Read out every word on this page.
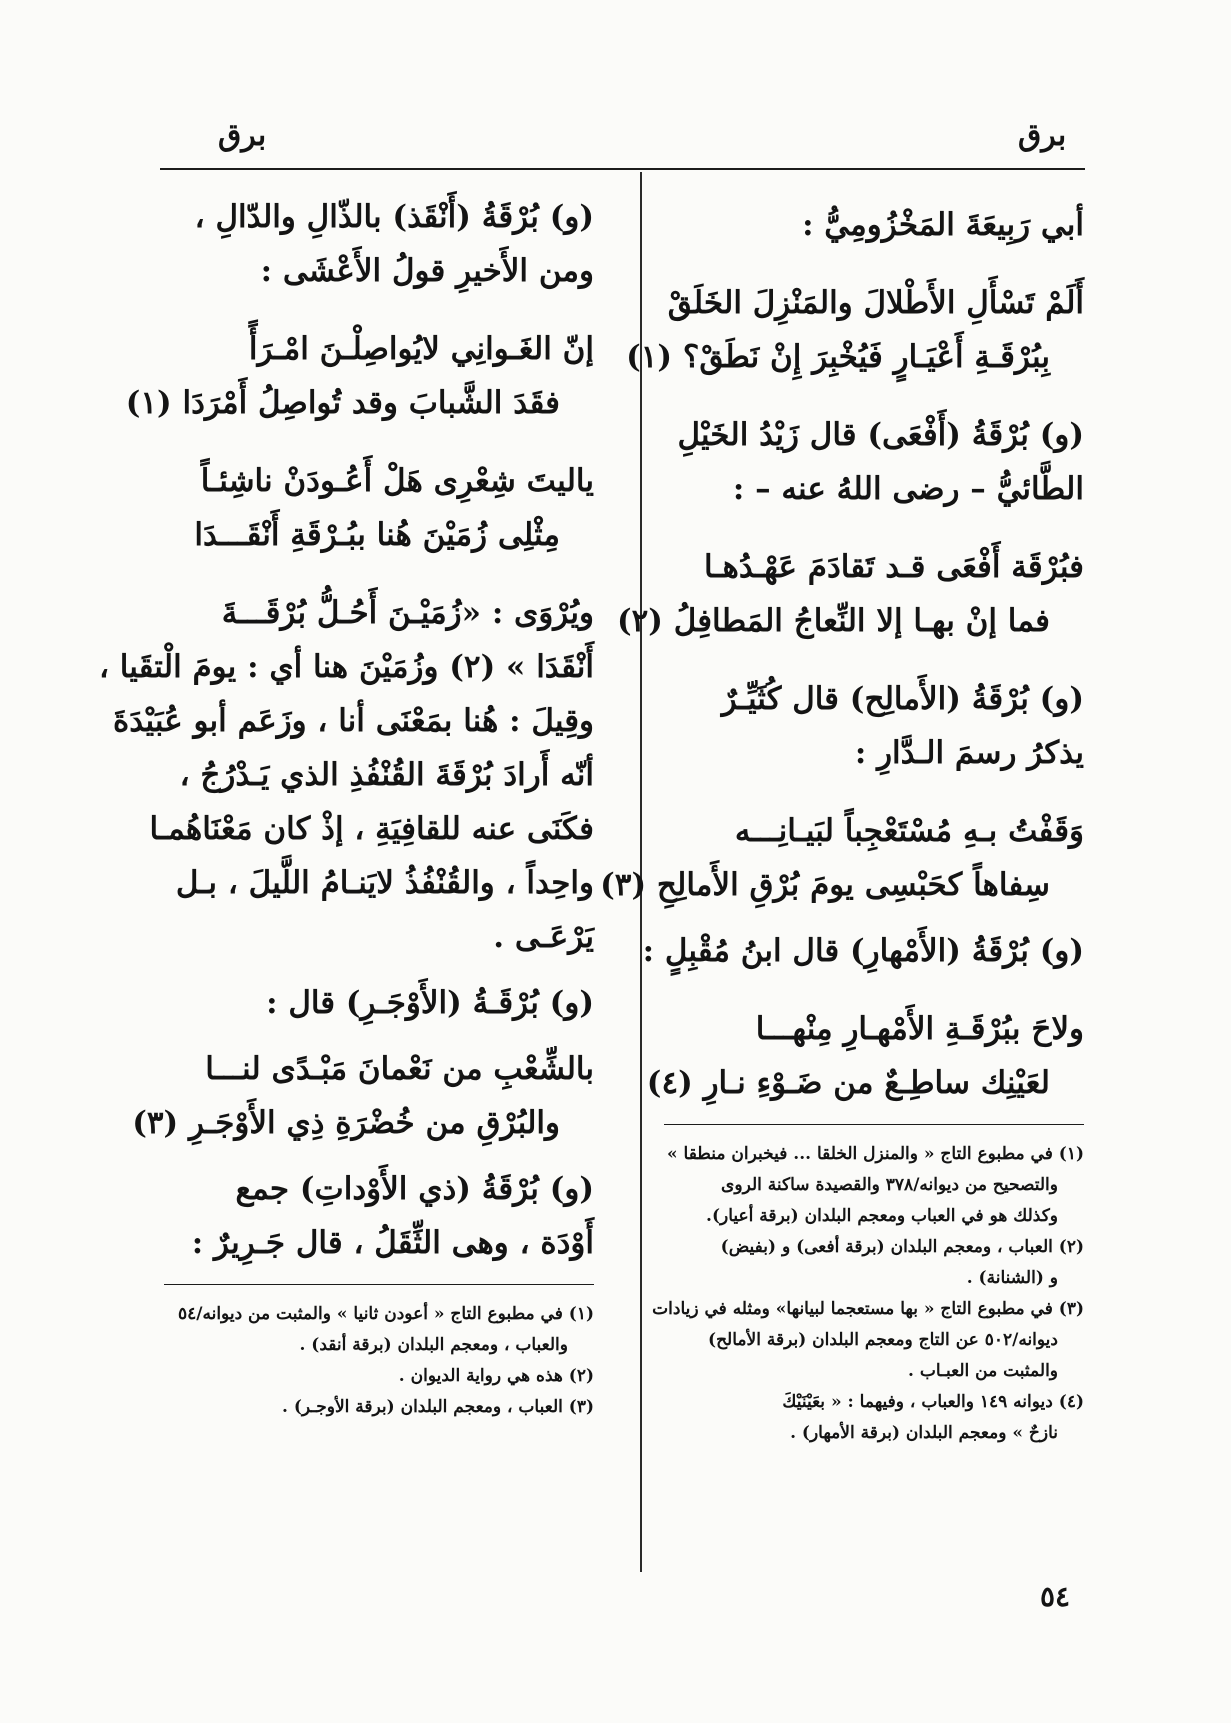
برق
برق
أبي رَبِيعَةَ المَخْزُومِيُّ :
أَلَمْ تَسْأَلِ الأَطْلالَ والمَنْزِلَ الخَلَقْ
بِبُرْقَـةِ أَعْيَـارٍ فَيُخْبِرَ إِنْ نَطَقْ؟ (١)
(و) بُرْقَةُ (أَفْعَى) قال زَيْدُ الخَيْلِ
الطَّائيُّ – رضى اللهُ عنه – :
فبُرْقَة أَفْعَى قـد تَقادَمَ عَهْـدُهـا
فما إنْ بهـا إلا النِّعاجُ المَطافِلُ (٢)
(و) بُرْقَةُ (الأَمالِح) قال كُثَيِّـرٌ
يذكرُ رسمَ الـدَّارِ :
وَقَفْتُ بـهِ مُسْتَعْجِباً لبَيـانِـــه
سِفاهاً كحَبْسِى يومَ بُرْقِ الأَمالِحِ (٣)
(و) بُرْقَةُ (الأَمْهارِ) قال ابنُ مُقْبِلٍ :
ولاحَ ببُرْقَـةِ الأَمْهـارِ مِنْهـــا
لعَيْنِك ساطِـعٌ من ضَـوْءِ نـارِ (٤)
(١) في مطبوع التاج « والمنزل الخلقا ... فيخبران منطقا »
والتصحيح من ديوانه/٣٧٨ والقصيدة ساكنة الروى
وكذلك هو في العباب ومعجم البلدان (برقة أعيار).
(٢) العباب ، ومعجم البلدان (برقة أفعى) و (بفيض)
و (الشنانة) .
(٣) في مطبوع التاج « بها مستعجما لبيانها» ومثله في زيادات
ديوانه/٥٠٢ عن التاج ومعجم البلدان (برقة الأمالح)
والمثبت من العبـاب .
(٤) ديوانه ١٤٩ والعباب ، وفيهما : « بعَيْنَيْكَ
نازحٌ » ومعجم البلدان (برقة الأمهار) .
(و) بُرْقَةُ (أَنْقَذ) بالذّالِ والدّالِ ،
ومن الأَخيرِ قولُ الأَعْشَى :
إنّ الغَـوانِي لايُواصِلْـنَ امْـرَأً
فقَدَ الشَّبابَ وقد تُواصِلُ أَمْرَدَا (١)
ياليتَ شِعْرِى هَلْ أَعُـودَنْ ناشِئـاً
مِثْلِى زُمَيْنَ هُنا ببُـرْقَةِ أَنْقَـــدَا
ويُرْوَى : «زُمَيْـنَ أَحُـلُّ بُرْقَـــةَ
أَنْقَدَا » (٢) وزُمَيْنَ هنا أي : يومَ الْتقَيا ،
وقِيلَ : هُنا بمَعْنَى أنا ، وزَعَم أبو عُبَيْدَةَ
أنّه أَرادَ بُرْقَةَ القُنْفُذِ الذي يَـدْرُجُ ،
فكَنَى عنه للقافِيَةِ ، إذْ كان مَعْنَاهُمـا
واحِداً ، والقُنْفُذُ لايَنـامُ اللَّيلَ ، بـل
يَرْعَـى .
(و) بُرْقَـةُ (الأَوْجَـرِ) قال :
بالشِّعْبِ من نَعْمانَ مَبْـدًى لنـــا
والبُرْقِ من خُضْرَةِ ذِي الأَوْجَـرِ (٣)
(و) بُرْقَةُ (ذي الأَوْداتِ) جمع
أَوْدَة ، وهى الثِّقَلُ ، قال جَـرِيرٌ :
(١) في مطبوع التاج « أعودن ثانيا » والمثبت من ديوانه/٥٤
والعباب ، ومعجم البلدان (برقة أنقد) .
(٢) هذه هي رواية الديوان .
(٣) العباب ، ومعجم البلدان (برقة الأوجـر) .
٥٤
